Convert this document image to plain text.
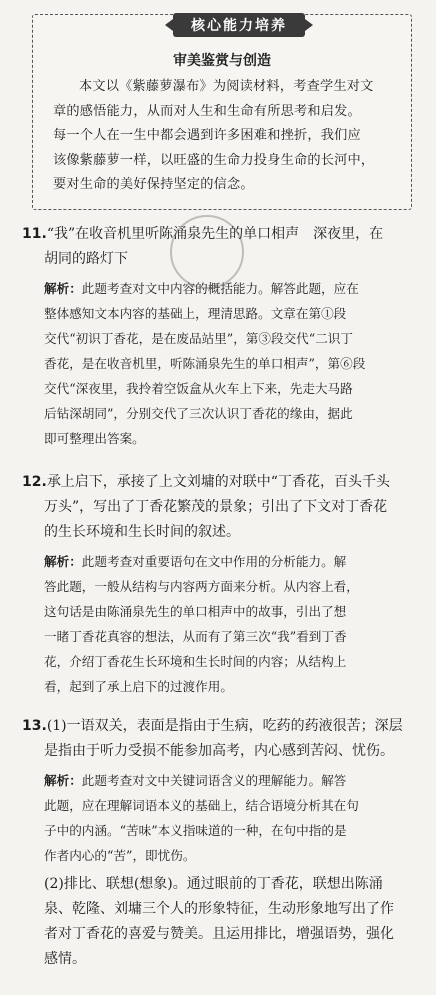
核心能力培养
审美鉴赏与创造
本文以《紫藤萝瀑布》为阅读材料，考查学生对文
章的感悟能力，从而对人生和生命有所思考和启发。
每一个人在一生中都会遇到许多困难和挫折，我们应
该像紫藤萝一样，以旺盛的生命力投身生命的长河中，
要对生命的美好保持坚定的信念。
11.“我”在收音机里听陈涌泉先生的单口相声　深夜里，在
胡同的路灯下
解析：此题考查对文中内容的概括能力。解答此题，应在
整体感知文本内容的基础上，理清思路。文章在第①段
交代“初识丁香花，是在废品站里”，第③段交代“二识丁
香花，是在收音机里，听陈涌泉先生的单口相声”，第⑥段
交代“深夜里，我拎着空饭盒从火车上下来，先走大马路
后钻深胡同”，分别交代了三次认识丁香花的缘由，据此
即可整理出答案。
12.承上启下，承接了上文刘墉的对联中“丁香花，百头千头
万头”，写出了丁香花繁茂的景象；引出了下文对丁香花
的生长环境和生长时间的叙述。
解析：此题考查对重要语句在文中作用的分析能力。解
答此题，一般从结构与内容两方面来分析。从内容上看，
这句话是由陈涌泉先生的单口相声中的故事，引出了想
一睹丁香花真容的想法，从而有了第三次“我”看到丁香
花，介绍丁香花生长环境和生长时间的内容；从结构上
看，起到了承上启下的过渡作用。
13.(1)一语双关，表面是指由于生病，吃药的药液很苦；深层
是指由于听力受损不能参加高考，内心感到苦闷、忧伤。
解析：此题考查对文中关键词语含义的理解能力。解答
此题，应在理解词语本义的基础上，结合语境分析其在句
子中的内涵。“苦味”本义指味道的一种，在句中指的是
作者内心的“苦”，即忧伤。
(2)排比、联想(想象)。通过眼前的丁香花，联想出陈涌
泉、乾隆、刘墉三个人的形象特征，生动形象地写出了作
者对丁香花的喜爱与赞美。且运用排比，增强语势，强化
感情。
